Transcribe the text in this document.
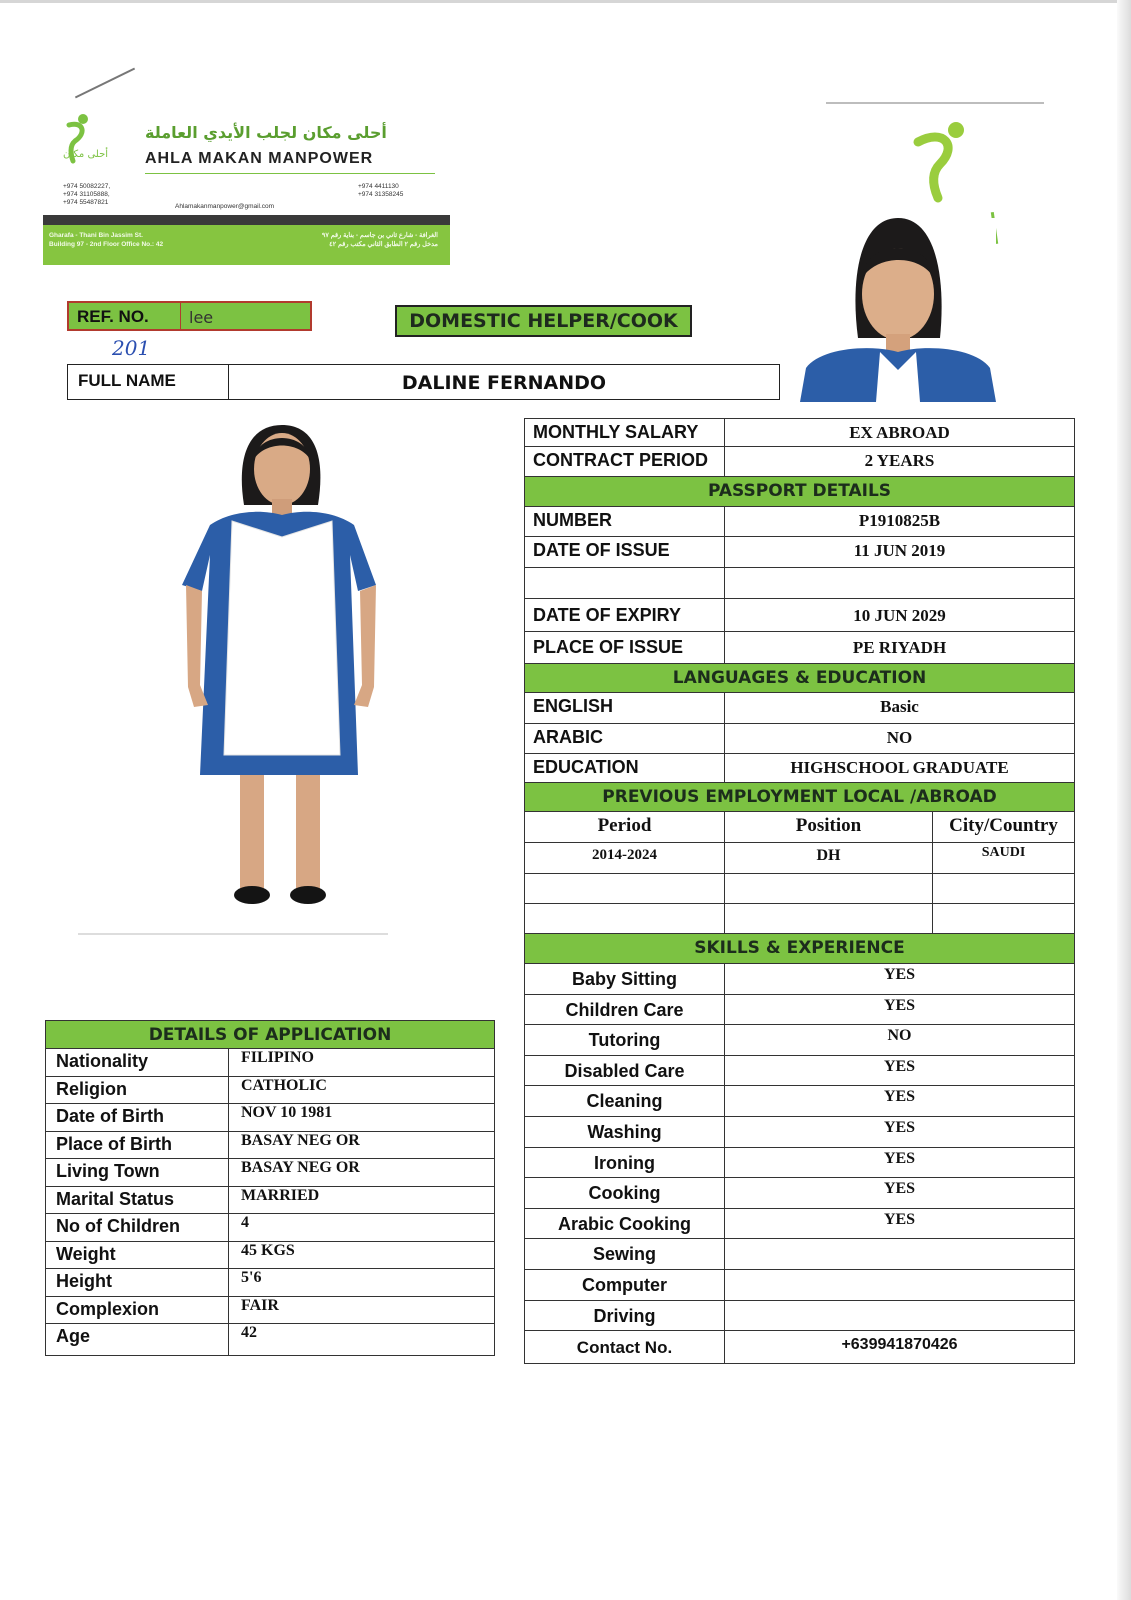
أحلى مكان
أحلى مكان لجلب الأيدي العاملة
AHLA MAKAN MANPOWER
+974 50082227,
+974 31105888,
+974 55487821
+974 4411130
+974 31358245
Ahlamakanmanpower@gmail.com
Gharafa - Thani Bin Jassim St.
Building 97 - 2nd Floor Office No.: 42
الغرافة - شارع ثاني بن جاسم - بناية رقم ٩٧
مدخل رقم ٢ الطابق الثاني مكتب رقم ٤٢
REF. NO.	lee
201
DOMESTIC HELPER/COOK
FULL NAME	DALINE FERNANDO
MONTHLY SALARY	EX ABROAD
CONTRACT PERIOD	2 YEARS
PASSPORT DETAILS
NUMBER	P1910825B
DATE OF ISSUE	11 JUN 2019
DATE OF EXPIRY	10 JUN 2029
PLACE OF ISSUE	PE RIYADH
LANGUAGES & EDUCATION
ENGLISH	Basic
ARABIC	NO
EDUCATION	HIGHSCHOOL GRADUATE
PREVIOUS EMPLOYMENT LOCAL /ABROAD
Period	Position	City/Country
2014-2024	DH	SAUDI
SKILLS & EXPERIENCE
Baby Sitting	YES
Children Care	YES
Tutoring	NO
Disabled Care	YES
Cleaning	YES
Washing	YES
Ironing	YES
Cooking	YES
Arabic Cooking	YES
Sewing
Computer
Driving
Contact No.	+639941870426
DETAILS OF APPLICATION
Nationality	FILIPINO
Religion	CATHOLIC
Date of Birth	NOV 10 1981
Place of Birth	BASAY NEG OR
Living Town	BASAY NEG OR
Marital Status	MARRIED
No of Children	4
Weight	45 KGS
Height	5'6
Complexion	FAIR
Age	42
